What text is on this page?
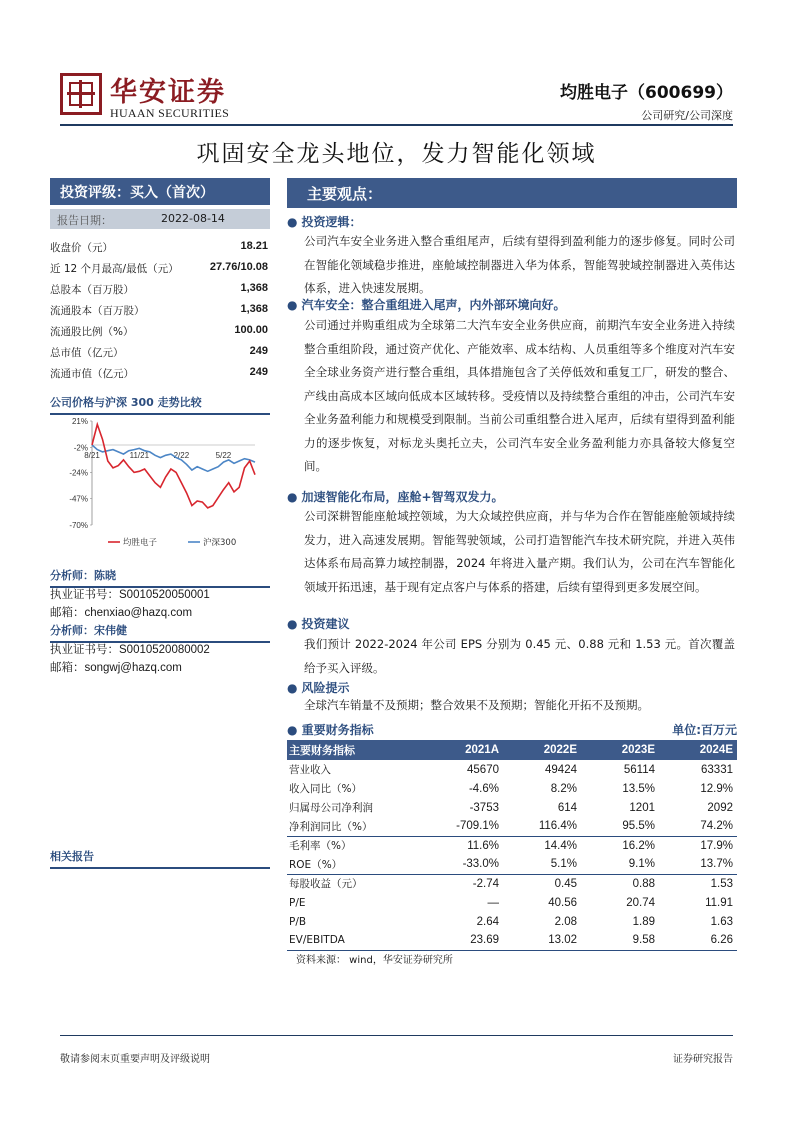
华安证券
HUAAN SECURITIES
均胜电子（600699）
公司研究/公司深度
巩固安全龙头地位，发力智能化领域
投资评级：买入（首次）
报告日期：	2022-08-14
收盘价（元）	18.21
近 12 个月最高/最低（元）	27.76/10.08
总股本（百万股）	1,368
流通股本（百万股）	1,368
流通股比例（%）	100.00
总市值（亿元）	249
流通市值（亿元）	249
公司价格与沪深 300 走势比较
21%
-2%
-24%
-47%
-70%
8/21	11/21	2/22	5/22
均胜电子	沪深300
分析师：陈晓
执业证书号：S0010520050001
邮箱：chenxiao@hazq.com
分析师：宋伟健
执业证书号：S0010520080002
邮箱：songwj@hazq.com
相关报告
主要观点：
● 投资逻辑：
公司汽车安全业务进入整合重组尾声，后续有望得到盈利能力的逐步修复。同时公司在智能化领域稳步推进，座舱域控制器进入华为体系，智能驾驶域控制器进入英伟达体系，进入快速发展期。
● 汽车安全：整合重组进入尾声，内外部环境向好。
公司通过并购重组成为全球第二大汽车安全业务供应商，前期汽车安全业务进入持续整合重组阶段，通过资产优化、产能效率、成本结构、人员重组等多个维度对汽车安全全球业务资产进行整合重组，具体措施包含了关停低效和重复工厂，研发的整合、产线由高成本区域向低成本区域转移。受疫情以及持续整合重组的冲击，公司汽车安全业务盈利能力和规模受到限制。当前公司重组整合进入尾声，后续有望得到盈利能力的逐步恢复，对标龙头奥托立夫，公司汽车安全业务盈利能力亦具备较大修复空间。
● 加速智能化布局，座舱+智驾双发力。
公司深耕智能座舱域控领域，为大众域控供应商，并与华为合作在智能座舱领域持续发力，进入高速发展期。智能驾驶领域，公司打造智能汽车技术研究院，并进入英伟达体系布局高算力域控制器，2024 年将进入量产期。我们认为，公司在汽车智能化领域开拓迅速，基于现有定点客户与体系的搭建，后续有望得到更多发展空间。
● 投资建议
我们预计 2022-2024 年公司 EPS 分别为 0.45 元、0.88 元和 1.53 元。首次覆盖给予买入评级。
● 风险提示
全球汽车销量不及预期；整合效果不及预期；智能化开拓不及预期。
● 重要财务指标	单位:百万元
主要财务指标	2021A	2022E	2023E	2024E
营业收入	45670	49424	56114	63331
收入同比（%）	-4.6%	8.2%	13.5%	12.9%
归属母公司净利润	-3753	614	1201	2092
净利润同比（%）	-709.1%	116.4%	95.5%	74.2%
毛利率（%）	11.6%	14.4%	16.2%	17.9%
ROE（%）	-33.0%	5.1%	9.1%	13.7%
每股收益（元）	-2.74	0.45	0.88	1.53
P/E	—	40.56	20.74	11.91
P/B	2.64	2.08	1.89	1.63
EV/EBITDA	23.69	13.02	9.58	6.26
资料来源： wind，华安证券研究所
敬请参阅末页重要声明及评级说明	证券研究报告
